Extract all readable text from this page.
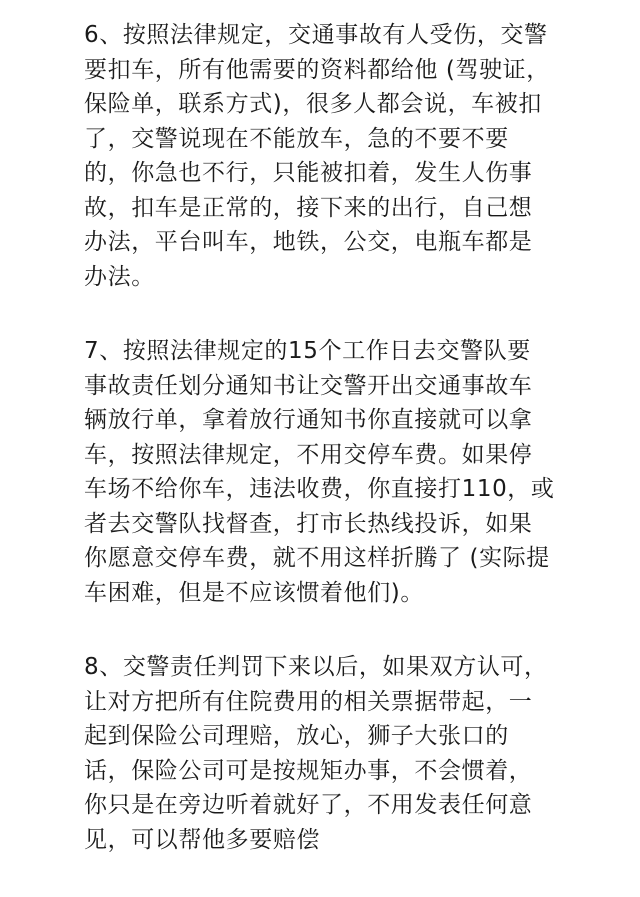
6、按照法律规定，交通事故有人受伤，交警
要扣车，所有他需要的资料都给他 (驾驶证，
保险单，联系方式)，很多人都会说，车被扣
了，交警说现在不能放车，急的不要不要
的，你急也不行，只能被扣着，发生人伤事
故，扣车是正常的，接下来的出行，自己想
办法，平台叫车，地铁，公交，电瓶车都是
办法。
7、按照法律规定的15个工作日去交警队要
事故责任划分通知书让交警开出交通事故车
辆放行单，拿着放行通知书你直接就可以拿
车，按照法律规定，不用交停车费。如果停
车场不给你车，违法收费，你直接打110，或
者去交警队找督查，打市长热线投诉，如果
你愿意交停车费，就不用这样折腾了 (实际提
车困难，但是不应该惯着他们)。
8、交警责任判罚下来以后，如果双方认可，
让对方把所有住院费用的相关票据带起，一
起到保险公司理赔，放心，狮子大张口的
话，保险公司可是按规矩办事，不会惯着，
你只是在旁边听着就好了，不用发表任何意
见，可以帮他多要赔偿
